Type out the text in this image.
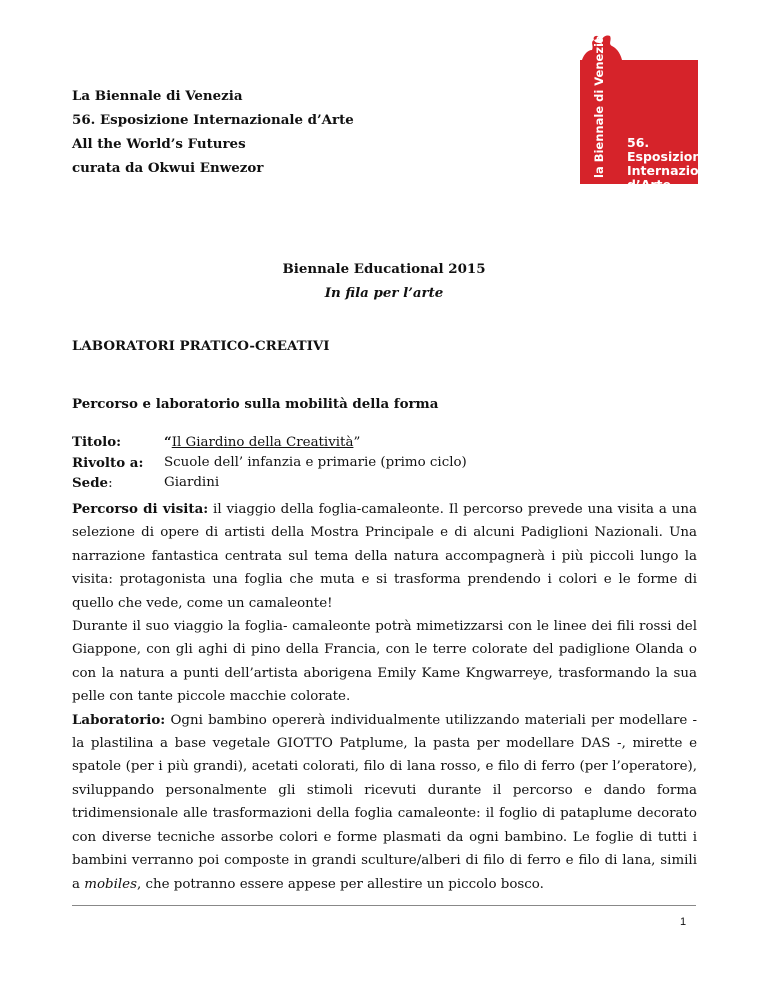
La Biennale di Venezia
56. Esposizione Internazionale d’Arte
All the World’s Futures
curata da Okwui Enwezor	la Biennale di Venezia 56. Esposizione
Internazionale
d’Arte
Biennale Educational 2015
In fila per l’arte
LABORATORI PRATICO-CREATIVI
Percorso e laboratorio sulla mobilità della forma
Titolo:	“Il Giardino della Creatività”
Rivolto a:	Scuole dell’ infanzia e primarie (primo ciclo)
Sede:	Giardini

Percorso di visita: il viaggio della foglia-camaleonte. Il percorso prevede una visita a una selezione di opere di artisti della Mostra Principale e di alcuni Padiglioni Nazionali. Una narrazione fantastica centrata sul tema della natura accompagnerà i più piccoli lungo la visita: protagonista una foglia che muta e si trasforma prendendo i colori e le forme di quello che vede, come un camaleonte!

Durante il suo viaggio la foglia- camaleonte potrà mimetizzarsi con le linee dei fili rossi del Giappone, con gli aghi di pino della Francia, con le terre colorate del padiglione Olanda o con la natura a punti dell’artista aborigena Emily Kame Kngwarreye, trasformando la sua pelle con tante piccole macchie colorate.

Laboratorio: Ogni bambino opererà individualmente utilizzando materiali per modellare - la plastilina a base vegetale GIOTTO Patplume, la pasta per modellare DAS -, mirette e spatole (per i più grandi), acetati colorati, filo di lana rosso, e filo di ferro (per l’operatore), sviluppando personalmente gli stimoli ricevuti durante il percorso e dando forma tridimensionale alle trasformazioni della foglia camaleonte: il foglio di pataplume decorato con diverse tecniche assorbe colori e forme plasmati da ogni bambino. Le foglie di tutti i bambini verranno poi composte in grandi sculture/alberi di filo di ferro e filo di lana, simili a mobiles, che potranno essere appese per allestire un piccolo bosco.

1
